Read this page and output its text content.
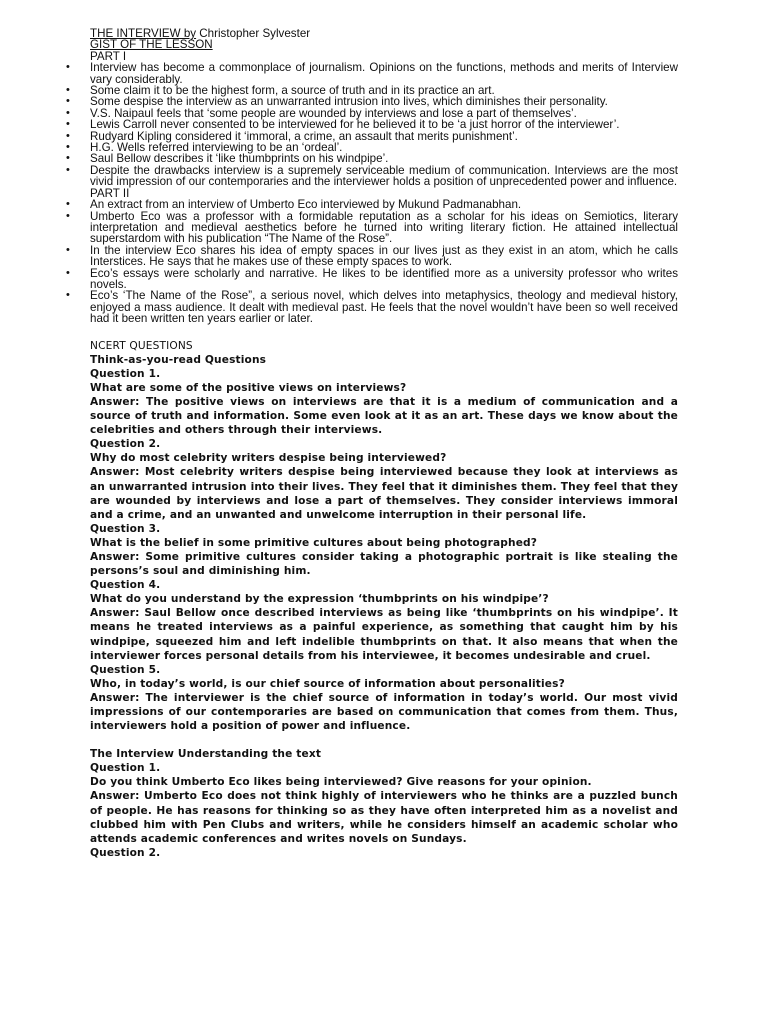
THE INTERVIEW by Christopher Sylvester
GIST OF THE LESSON
PART I
• Interview has become a commonplace of journalism. Opinions on the functions, methods and merits of Interview vary considerably.
• Some claim it to be the highest form, a source of truth and in its practice an art.
• Some despise the interview as an unwarranted intrusion into lives, which diminishes their personality.
• V.S. Naipaul feels that ‘some people are wounded by interviews and lose a part of themselves’.
• Lewis Carroll never consented to be interviewed for he believed it to be ‘a just horror of the interviewer’.
• Rudyard Kipling considered it ‘immoral, a crime, an assault that merits punishment’.
• H.G. Wells referred interviewing to be an ‘ordeal’.
• Saul Bellow describes it ‘like thumbprints on his windpipe’.
• Despite the drawbacks interview is a supremely serviceable medium of communication. Interviews are the most vivid impression of our contemporaries and the interviewer holds a position of unprecedented power and influence.
PART II
• An extract from an interview of Umberto Eco interviewed by Mukund Padmanabhan.
• Umberto Eco was a professor with a formidable reputation as a scholar for his ideas on Semiotics, literary interpretation and medieval aesthetics before he turned into writing literary fiction. He attained intellectual superstardom with his publication “The Name of the Rose”.
• In the interview Eco shares his idea of empty spaces in our lives just as they exist in an atom, which he calls Interstices. He says that he makes use of these empty spaces to work.
• Eco’s essays were scholarly and narrative. He likes to be identified more as a university professor who writes novels.
• Eco’s ‘The Name of the Rose”, a serious novel, which delves into metaphysics, theology and medieval history, enjoyed a mass audience. It dealt with medieval past. He feels that the novel wouldn’t have been so well received had it been written ten years earlier or later.
NCERT QUESTIONS
Think-as-you-read Questions
Question 1.
What are some of the positive views on interviews?
Answer: The positive views on interviews are that it is a medium of communication and a source of truth and information. Some even look at it as an art. These days we know about the celebrities and others through their interviews.
Question 2.
Why do most celebrity writers despise being interviewed?
Answer: Most celebrity writers despise being interviewed because they look at interviews as an unwarranted intrusion into their lives. They feel that it diminishes them. They feel that they are wounded by interviews and lose a part of themselves. They consider interviews immoral and a crime, and an unwanted and unwelcome interruption in their personal life.
Question 3.
What is the belief in some primitive cultures about being photographed?
Answer: Some primitive cultures consider taking a photographic portrait is like stealing the persons’s soul and diminishing him.
Question 4.
What do you understand by the expression ‘thumbprints on his windpipe’?
Answer: Saul Bellow once described interviews as being like ‘thumbprints on his windpipe’. It means he treated interviews as a painful experience, as something that caught him by his windpipe, squeezed him and left indelible thumbprints on that. It also means that when the interviewer forces personal details from his interviewee, it becomes undesirable and cruel.
Question 5.
Who, in today’s world, is our chief source of information about personalities?
Answer: The interviewer is the chief source of information in today’s world. Our most vivid impressions of our contemporaries are based on communication that comes from them. Thus, interviewers hold a position of power and influence.
The Interview Understanding the text
Question 1.
Do you think Umberto Eco likes being interviewed? Give reasons for your opinion.
Answer: Umberto Eco does not think highly of interviewers who he thinks are a puzzled bunch of people. He has reasons for thinking so as they have often interpreted him as a novelist and clubbed him with Pen Clubs and writers, while he considers himself an academic scholar who attends academic conferences and writes novels on Sundays.
Question 2.
